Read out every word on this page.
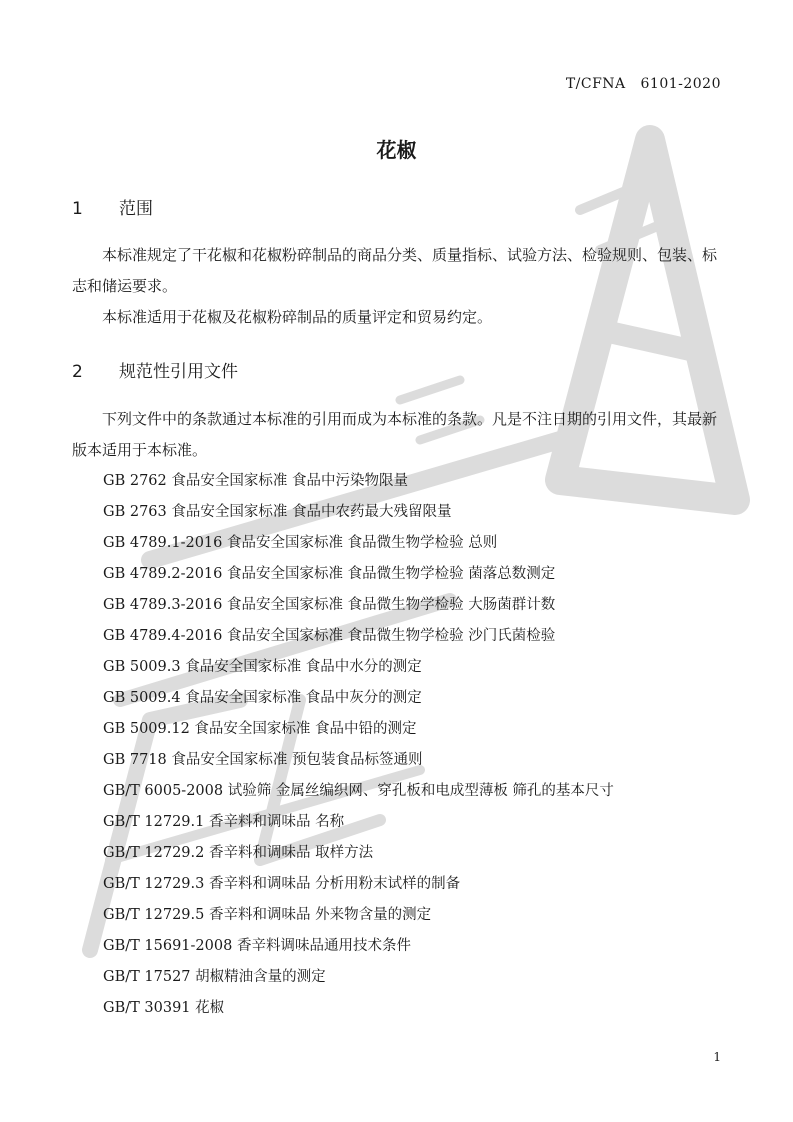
T/CFNA   6101-2020
花椒
1 范围

本标准规定了干花椒和花椒粉碎制品的商品分类、质量指标、试验方法、检验规则、包装、标志和储运要求。

本标准适用于花椒及花椒粉碎制品的质量评定和贸易约定。

2 规范性引用文件

下列文件中的条款通过本标准的引用而成为本标准的条款。凡是不注日期的引用文件，其最新版本适用于本标准。

GB 2762 食品安全国家标准 食品中污染物限量
GB 2763 食品安全国家标准 食品中农药最大残留限量
GB 4789.1-2016 食品安全国家标准 食品微生物学检验 总则
GB 4789.2-2016 食品安全国家标准 食品微生物学检验 菌落总数测定
GB 4789.3-2016 食品安全国家标准 食品微生物学检验 大肠菌群计数
GB 4789.4-2016 食品安全国家标准 食品微生物学检验 沙门氏菌检验
GB 5009.3 食品安全国家标准 食品中水分的测定
GB 5009.4 食品安全国家标准 食品中灰分的测定
GB 5009.12 食品安全国家标准 食品中铅的测定
GB 7718 食品安全国家标准 预包装食品标签通则
GB/T 6005-2008 试验筛 金属丝编织网、穿孔板和电成型薄板 筛孔的基本尺寸
GB/T 12729.1 香辛料和调味品 名称
GB/T 12729.2 香辛料和调味品 取样方法
GB/T 12729.3 香辛料和调味品 分析用粉末试样的制备
GB/T 12729.5 香辛料和调味品 外来物含量的测定
GB/T 15691-2008 香辛料调味品通用技术条件
GB/T 17527 胡椒精油含量的测定
GB/T 30391 花椒
1
